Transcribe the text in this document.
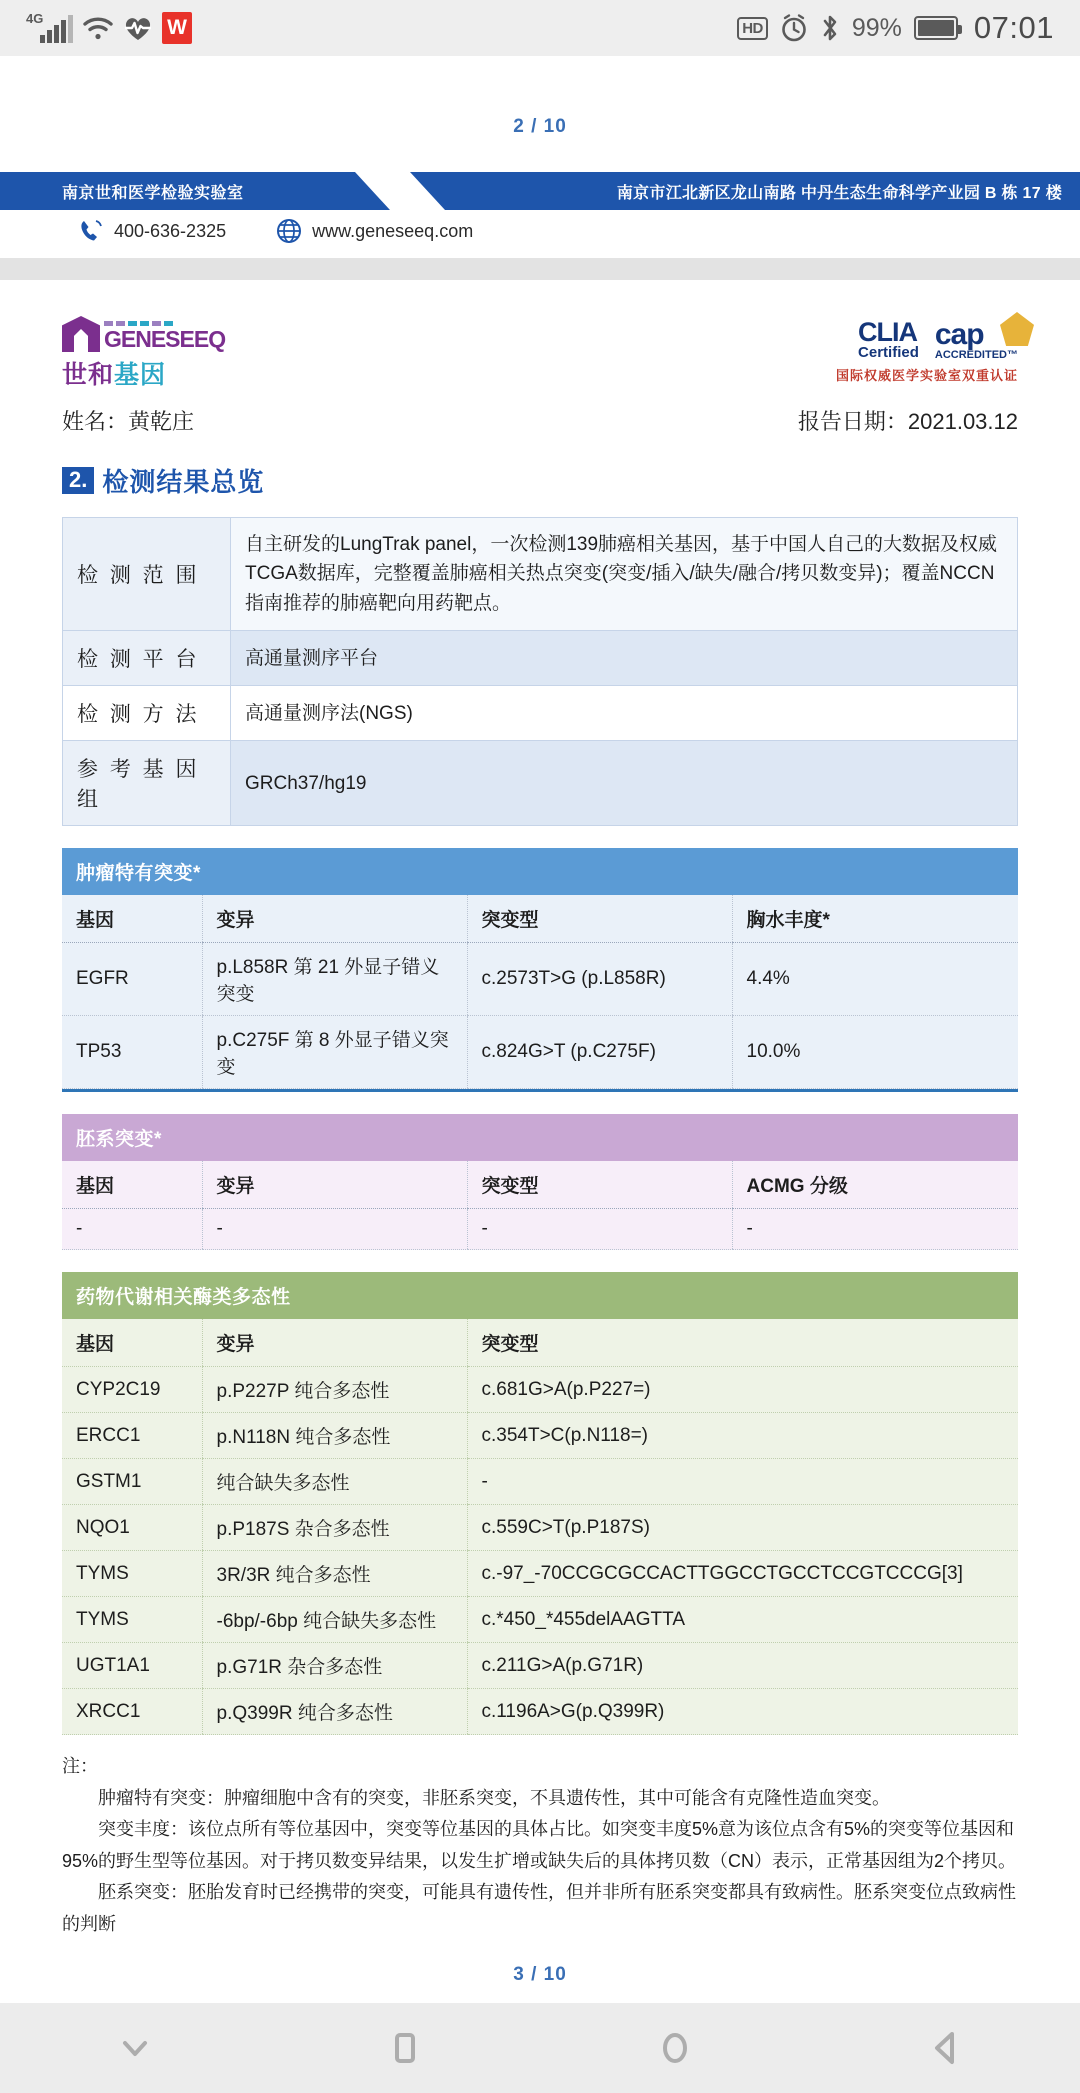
4G	W	HD	99% 07:01
2 / 10
南京世和医学检验实验室	南京市江北新区龙山南路 中丹生态生命科学产业园 B 栋 17 楼
400-636-2325	www.geneseeq.com
GENESEEQ
世和基因
CLIA
Certified
cap
ACCREDITED™
国际权威医学实验室双重认证
姓名：黄乾庄	报告日期：2021.03.12
2. 检测结果总览
检 测 范 围	自主研发的LungTrak panel，一次检测139肺癌相关基因，基于中国人自己的大数据及权威TCGA数据库，完整覆盖肺癌相关热点突变(突变/插入/缺失/融合/拷贝数变异)；覆盖NCCN指南推荐的肺癌靶向用药靶点。
检 测 平 台	高通量测序平台
检 测 方 法	高通量测序法(NGS)
参 考 基 因 组	GRCh37/hg19
肿瘤特有突变*
基因	变异	突变型	胸水丰度*
EGFR	p.L858R 第 21 外显子错义突变	c.2573T>G (p.L858R)	4.4%
TP53	p.C275F 第 8 外显子错义突变	c.824G>T (p.C275F)	10.0%
胚系突变*
基因	变异	突变型	ACMG 分级
-	-	-	-
药物代谢相关酶类多态性
基因	变异	突变型
CYP2C19	p.P227P 纯合多态性	c.681G>A(p.P227=)
ERCC1	p.N118N 纯合多态性	c.354T>C(p.N118=)
GSTM1	纯合缺失多态性	-
NQO1	p.P187S 杂合多态性	c.559C>T(p.P187S)
TYMS	3R/3R 纯合多态性	c.-97_-70CCGCGCCACTTGGCCTGCCTCCGTCCCG[3]
TYMS	-6bp/-6bp 纯合缺失多态性	c.*450_*455delAAGTTA
UGT1A1	p.G71R 杂合多态性	c.211G>A(p.G71R)
XRCC1	p.Q399R 纯合多态性	c.1196A>G(p.Q399R)
注：
肿瘤特有突变：肿瘤细胞中含有的突变，非胚系突变，不具遗传性，其中可能含有克隆性造血突变。
突变丰度：该位点所有等位基因中，突变等位基因的具体占比。如突变丰度5%意为该位点含有5%的突变等位基因和95%的野生型等位基因。对于拷贝数变异结果，以发生扩增或缺失后的具体拷贝数（CN）表示，正常基因组为2个拷贝。
胚系突变：胚胎发育时已经携带的突变，可能具有遗传性，但并非所有胚系突变都具有致病性。胚系突变位点致病性的判断
3 / 10
